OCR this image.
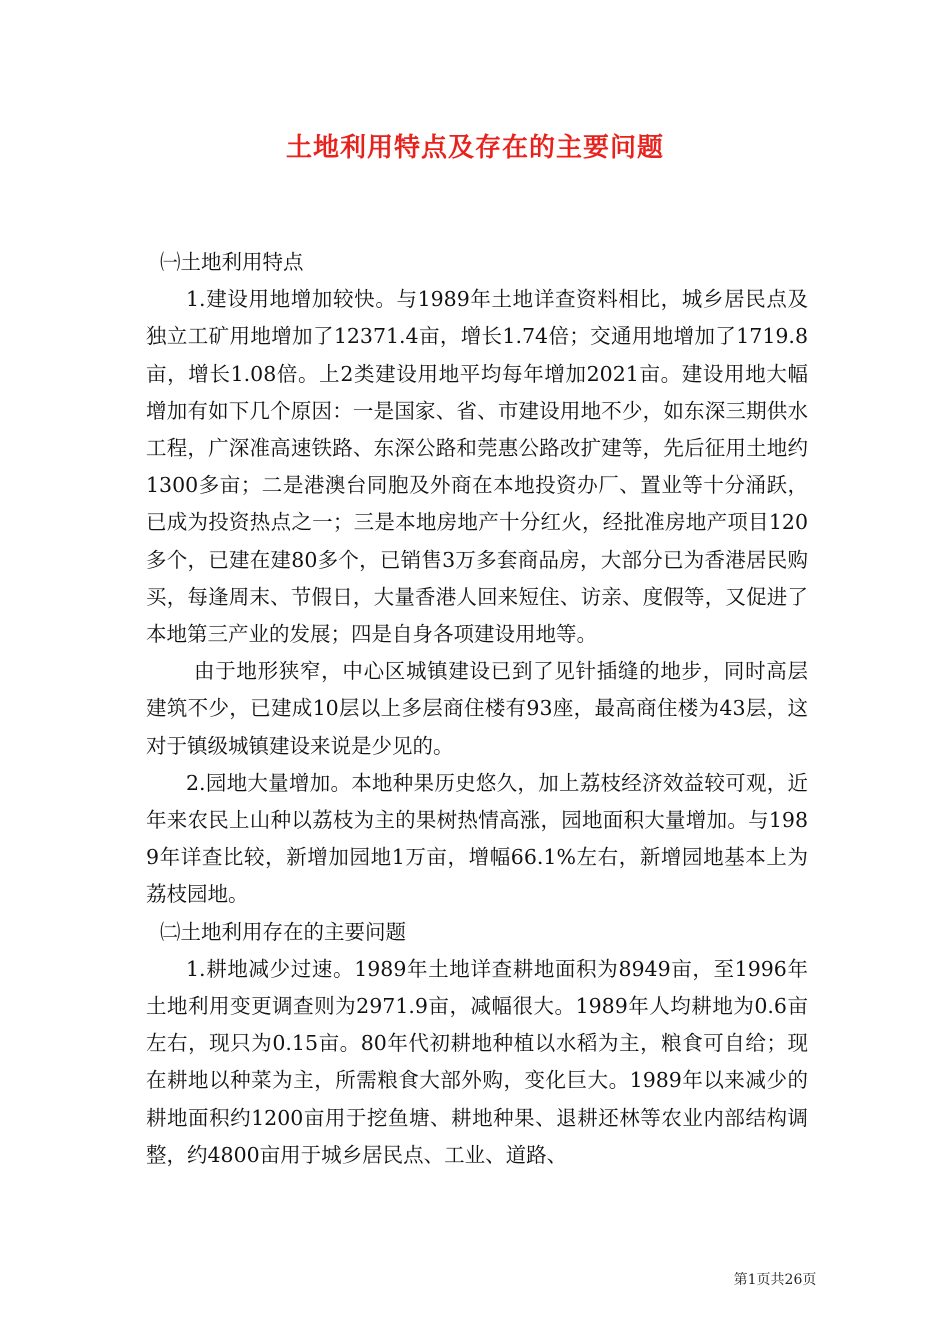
土地利用特点及存在的主要问题

㈠土地利用特点

1.建设用地增加较快。与1989年土地详查资料相比，城乡居民点及独立工矿用地增加了12371.4亩，增长1.74倍；交通用地增加了1719.8亩，增长1.08倍。上2类建设用地平均每年增加2021亩。建设用地大幅增加有如下几个原因：一是国家、省、市建设用地不少，如东深三期供水工程，广深准高速铁路、东深公路和莞惠公路改扩建等，先后征用土地约1300多亩；二是港澳台同胞及外商在本地投资办厂、置业等十分涌跃，已成为投资热点之一；三是本地房地产十分红火，经批准房地产项目120多个，已建在建80多个，已销售3万多套商品房，大部分已为香港居民购买，每逢周末、节假日，大量香港人回来短住、访亲、度假等，又促进了本地第三产业的发展；四是自身各项建设用地等。

由于地形狭窄，中心区城镇建设已到了见针插缝的地步，同时高层建筑不少，已建成10层以上多层商住楼有93座，最高商住楼为43层，这对于镇级城镇建设来说是少见的。

2.园地大量增加。本地种果历史悠久，加上荔枝经济效益较可观，近年来农民上山种以荔枝为主的果树热情高涨，园地面积大量增加。与1989年详查比较，新增加园地1万亩，增幅66.1%左右，新增园地基本上为荔枝园地。

㈡土地利用存在的主要问题

1.耕地减少过速。1989年土地详查耕地面积为8949亩，至1996年土地利用变更调查则为2971.9亩，减幅很大。1989年人均耕地为0.6亩左右，现只为0.15亩。80年代初耕地种植以水稻为主，粮食可自给；现在耕地以种菜为主，所需粮食大部外购，变化巨大。1989年以来减少的耕地面积约1200亩用于挖鱼塘、耕地种果、退耕还林等农业内部结构调整，约4800亩用于城乡居民点、工业、道路、

第1页共26页
